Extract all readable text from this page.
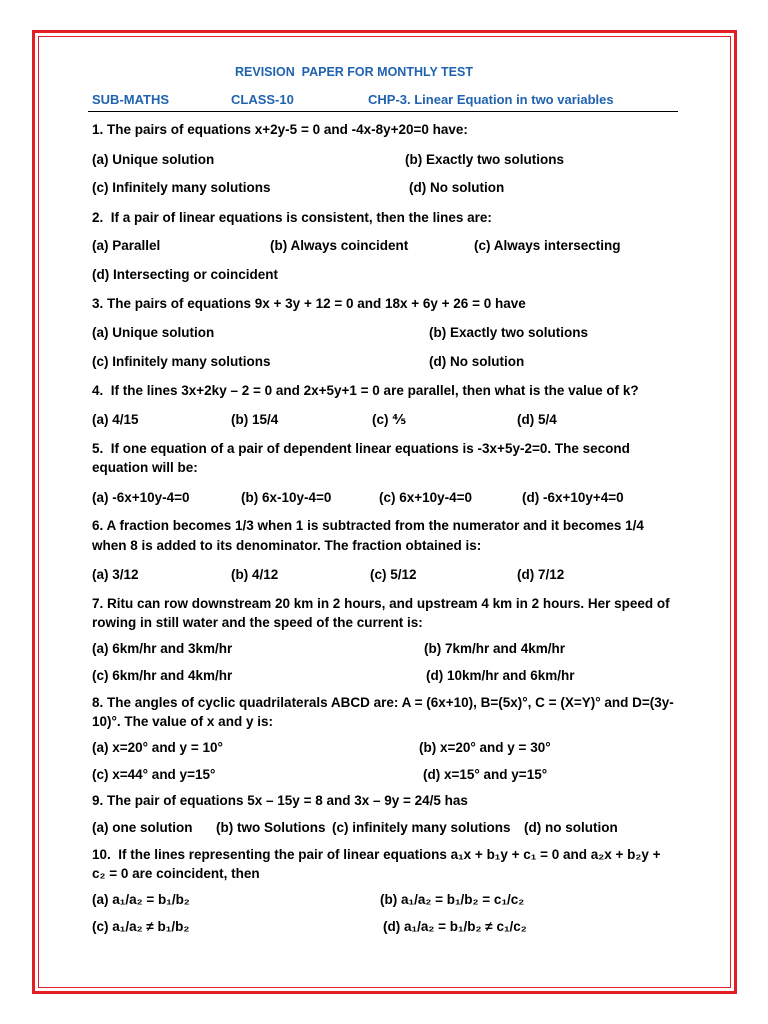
REVISION  PAPER FOR MONTHLY TEST
SUB-MATHS	CLASS-10	CHP-3. Linear Equation in two variables
1. The pairs of equations x+2y-5 = 0 and -4x-8y+20=0 have:
(a) Unique solution	(b) Exactly two solutions
(c) Infinitely many solutions	(d) No solution
2.  If a pair of linear equations is consistent, then the lines are:
(a) Parallel	(b) Always coincident	(c) Always intersecting
(d) Intersecting or coincident
3. The pairs of equations 9x + 3y + 12 = 0 and 18x + 6y + 26 = 0 have
(a) Unique solution	(b) Exactly two solutions
(c) Infinitely many solutions	(d) No solution
4.  If the lines 3x+2ky – 2 = 0 and 2x+5y+1 = 0 are parallel, then what is the value of k?
(a) 4/15	(b) 15/4	(c) ⅘	(d) 5/4
5.  If one equation of a pair of dependent linear equations is -3x+5y-2=0. The second
equation will be:
(a) -6x+10y-4=0	(b) 6x-10y-4=0	(c) 6x+10y-4=0	(d) -6x+10y+4=0
6. A fraction becomes 1/3 when 1 is subtracted from the numerator and it becomes 1/4
when 8 is added to its denominator. The fraction obtained is:
(a) 3/12	(b) 4/12	(c) 5/12	(d) 7/12
7. Ritu can row downstream 20 km in 2 hours, and upstream 4 km in 2 hours. Her speed of
rowing in still water and the speed of the current is:
(a) 6km/hr and 3km/hr	(b) 7km/hr and 4km/hr
(c) 6km/hr and 4km/hr	(d) 10km/hr and 6km/hr
8. The angles of cyclic quadrilaterals ABCD are: A = (6x+10), B=(5x)°, C = (X=Y)° and D=(3y-
10)°. The value of x and y is:
(a) x=20° and y = 10°	(b) x=20° and y = 30°
(c) x=44° and y=15°	(d) x=15° and y=15°
9. The pair of equations 5x – 15y = 8 and 3x – 9y = 24/5 has
(a) one solution (b) two Solutions (c) infinitely many solutions (d) no solution
10.  If the lines representing the pair of linear equations a₁x + b₁y + c₁ = 0 and a₂x + b₂y +
c₂ = 0 are coincident, then
(a) a₁/a₂ = b₁/b₂	(b) a₁/a₂ = b₁/b₂ = c₁/c₂
(c) a₁/a₂ ≠ b₁/b₂	(d) a₁/a₂ = b₁/b₂ ≠ c₁/c₂
